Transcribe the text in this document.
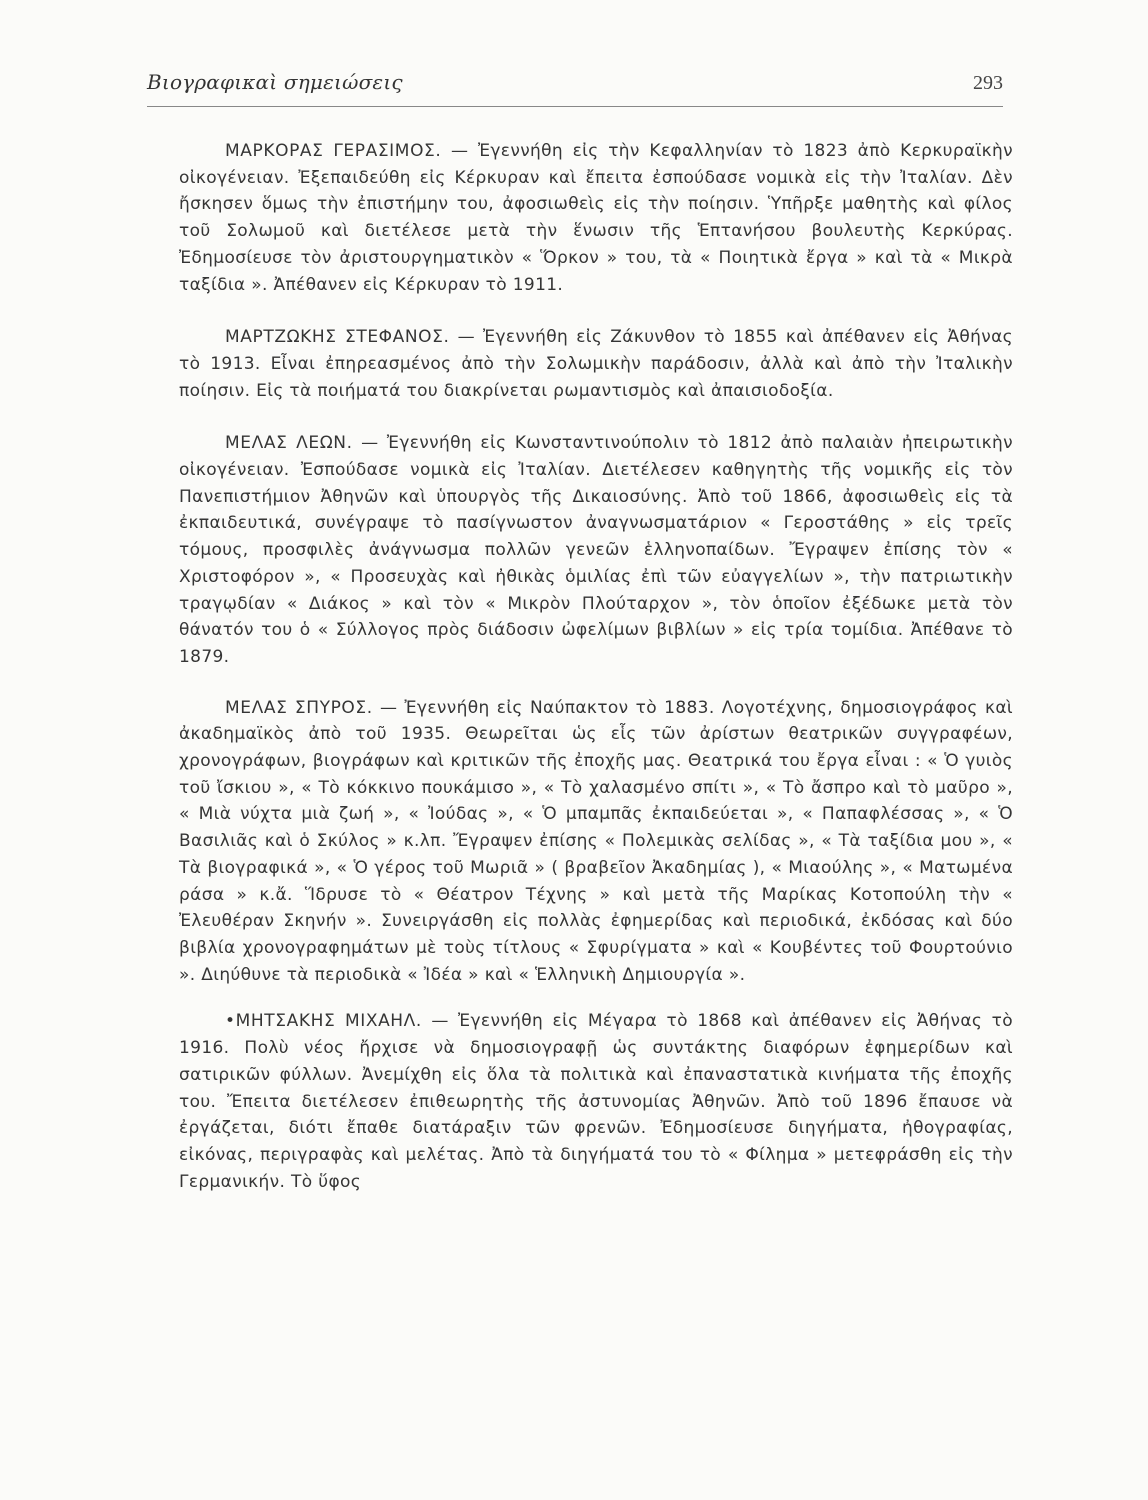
Βιογραφικαὶ σημειώσεις	293

ΜΑΡΚΟΡΑΣ ΓΕΡΑΣΙΜΟΣ. — Ἐγεννήθη εἰς τὴν Κεφαλληνίαν τὸ 1823 ἀπὸ Κερκυραϊκὴν οἰκογένειαν. Ἐξεπαιδεύθη εἰς Κέρκυραν καὶ ἔπειτα ἐσπούδασε νομικὰ εἰς τὴν Ἰταλίαν. Δὲν ἤσκησεν ὅμως τὴν ἐπιστήμην του, ἀφοσιωθεὶς εἰς τὴν ποίησιν. Ὑπῆρξε μαθητὴς καὶ φίλος τοῦ Σολωμοῦ καὶ διετέλεσε μετὰ τὴν ἕνωσιν τῆς Ἑπτανήσου βουλευτὴς Κερκύρας. Ἐδημοσίευσε τὸν ἀριστουργηματικὸν « Ὅρκον » του, τὰ « Ποιητικὰ ἔργα » καὶ τὰ « Μικρὰ ταξίδια ». Ἀπέθανεν εἰς Κέρκυραν τὸ 1911.

ΜΑΡΤΖΩΚΗΣ ΣΤΕΦΑΝΟΣ. — Ἐγεννήθη εἰς Ζάκυνθον τὸ 1855 καὶ ἀπέθανεν εἰς Ἀθήνας τὸ 1913. Εἶναι ἐπηρεασμένος ἀπὸ τὴν Σολωμικὴν παράδοσιν, ἀλλὰ καὶ ἀπὸ τὴν Ἰταλικὴν ποίησιν. Εἰς τὰ ποιήματά του διακρίνεται ρωμαντισμὸς καὶ ἀπαισιοδοξία.

ΜΕΛΑΣ ΛΕΩΝ. — Ἐγεννήθη εἰς Κωνσταντινούπολιν τὸ 1812 ἀπὸ παλαιὰν ἠπειρωτικὴν οἰκογένειαν. Ἐσπούδασε νομικὰ εἰς Ἰταλίαν. Διετέλεσεν καθηγητὴς τῆς νομικῆς εἰς τὸν Πανεπιστήμιον Ἀθηνῶν καὶ ὑπουργὸς τῆς Δικαιοσύνης. Ἀπὸ τοῦ 1866, ἀφοσιωθεὶς εἰς τὰ ἐκπαιδευτικά, συνέγραψε τὸ πασίγνωστον ἀναγνωσματάριον « Γεροστάθης » εἰς τρεῖς τόμους, προσφιλὲς ἀνάγνωσμα πολλῶν γενεῶν ἑλληνοπαίδων. Ἔγραψεν ἐπίσης τὸν « Χριστοφόρον », « Προσευχὰς καὶ ἠθικὰς ὁμιλίας ἐπὶ τῶν εὐαγγελίων », τὴν πατριωτικὴν τραγῳδίαν « Διάκος » καὶ τὸν « Μικρὸν Πλούταρχον », τὸν ὁποῖον ἐξέδωκε μετὰ τὸν θάνατόν του ὁ « Σύλλογος πρὸς διάδοσιν ὠφελίμων βιβλίων » εἰς τρία τομίδια. Ἀπέθανε τὸ 1879.

ΜΕΛΑΣ ΣΠΥΡΟΣ. — Ἐγεννήθη εἰς Ναύπακτον τὸ 1883. Λογοτέχνης, δημοσιογράφος καὶ ἀκαδημαϊκὸς ἀπὸ τοῦ 1935. Θεωρεῖται ὡς εἷς τῶν ἀρίστων θεατρικῶν συγγραφέων, χρονογράφων, βιογράφων καὶ κριτικῶν τῆς ἐποχῆς μας. Θεατρικά του ἔργα εἶναι : « Ὁ γυιὸς τοῦ ἴσκιου », « Τὸ κόκκινο πουκάμισο », « Τὸ χαλασμένο σπίτι », « Τὸ ἄσπρο καὶ τὸ μαῦρο », « Μιὰ νύχτα μιὰ ζωή », « Ἰούδας », « Ὁ μπαμπᾶς ἐκπαιδεύεται », « Παπαφλέσσας », « Ὁ Βασιλιᾶς καὶ ὁ Σκύλος » κ.λπ. Ἔγραψεν ἐπίσης « Πολεμικὰς σελίδας », « Τὰ ταξίδια μου », « Τὰ βιογραφικά », « Ὁ γέρος τοῦ Μωριᾶ » ( βραβεῖον Ἀκαδημίας ), « Μιαούλης », « Ματωμένα ράσα » κ.ἄ. Ἵδρυσε τὸ « Θέατρον Τέχνης » καὶ μετὰ τῆς Μαρίκας Κοτοπούλη τὴν « Ἐλευθέραν Σκηνήν ». Συνειργάσθη εἰς πολλὰς ἐφημερίδας καὶ περιοδικά, ἐκδόσας καὶ δύο βιβλία χρονογραφημάτων μὲ τοὺς τίτλους « Σφυρίγματα » καὶ « Κουβέντες τοῦ Φουρτούνιο ». Διηύθυνε τὰ περιοδικὰ « Ἰδέα » καὶ « Ἑλληνικὴ Δημιουργία ».

•ΜΗΤΣΑΚΗΣ ΜΙΧΑΗΛ. — Ἐγεννήθη εἰς Μέγαρα τὸ 1868 καὶ ἀπέθανεν εἰς Ἀθήνας τὸ 1916. Πολὺ νέος ἤρχισε νὰ δημοσιογραφῇ ὡς συντάκτης διαφόρων ἐφημερίδων καὶ σατιρικῶν φύλλων. Ἀνεμίχθη εἰς ὅλα τὰ πολιτικὰ καὶ ἐπαναστατικὰ κινήματα τῆς ἐποχῆς του. Ἔπειτα διετέλεσεν ἐπιθεωρητὴς τῆς ἀστυνομίας Ἀθηνῶν. Ἀπὸ τοῦ 1896 ἔπαυσε νὰ ἐργάζεται, διότι ἔπαθε διατάραξιν τῶν φρενῶν. Ἐδημοσίευσε διηγήματα, ἠθογραφίας, εἰκόνας, περιγραφὰς καὶ μελέτας. Ἀπὸ τὰ διηγήματά του τὸ « Φίλημα » μετεφράσθη εἰς τὴν Γερμανικήν. Τὸ ὕφος
